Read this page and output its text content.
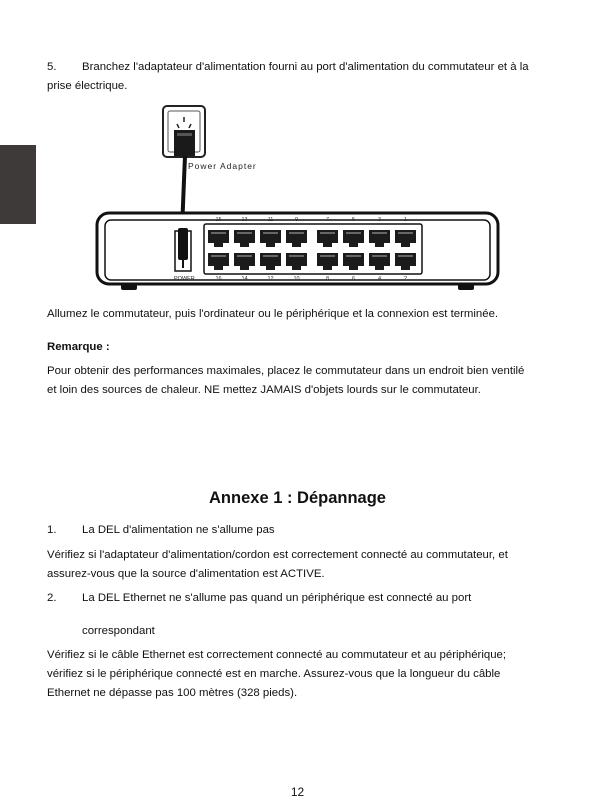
5. Branchez l'adaptateur d'alimentation fourni au port d'alimentation du commutateur et à la

prise électrique.

Power Adapter
POWER
15	13	11	9	7	5	3	1
16	14	12	10	8	6	4	2

Allumez le commutateur, puis l'ordinateur ou le périphérique et la connexion est terminée.

Remarque :

Pour obtenir des performances maximales, placez le commutateur dans un endroit bien ventilé

et loin des sources de chaleur. NE mettez JAMAIS d'objets lourds sur le commutateur.

Annexe 1 : Dépannage

1. La DEL d'alimentation ne s'allume pas

Vérifiez si l'adaptateur d'alimentation/cordon est correctement connecté au commutateur, et

assurez-vous que la source d'alimentation est ACTIVE.

2. La DEL Ethernet ne s'allume pas quand un périphérique est connecté au port

correspondant

Vérifiez si le câble Ethernet est correctement connecté au commutateur et au périphérique;

vérifiez si le périphérique connecté est en marche. Assurez-vous que la longueur du câble

Ethernet ne dépasse pas 100 mètres (328 pieds).

12
